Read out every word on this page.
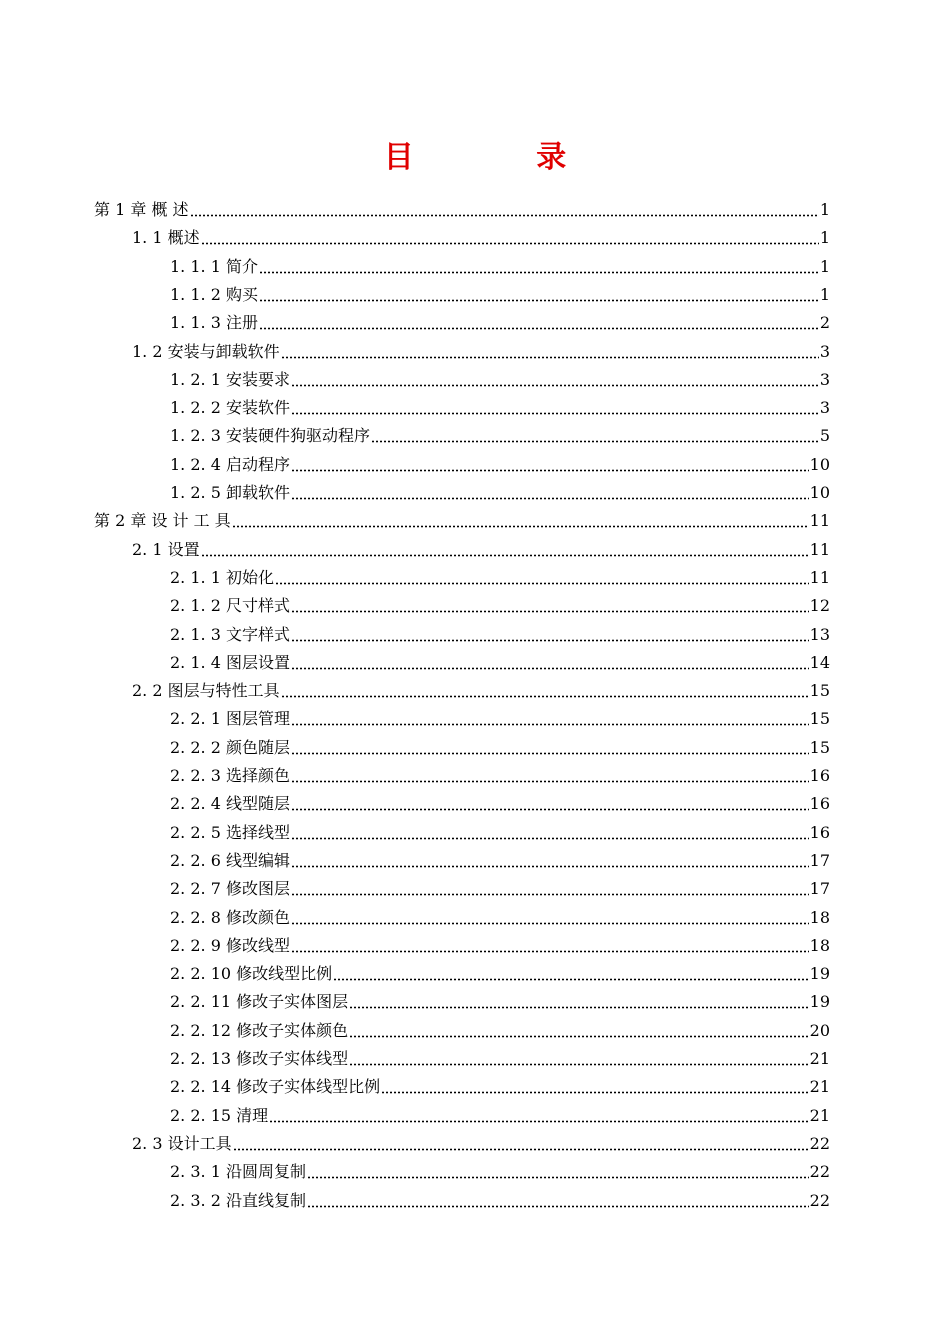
目 录
第 1 章 概 述	1
1. 1 概述	1
1. 1. 1 简介	1
1. 1. 2 购买	1
1. 1. 3 注册	2
1. 2 安装与卸载软件	3
1. 2. 1 安装要求	3
1. 2. 2 安装软件	3
1. 2. 3 安装硬件狗驱动程序	5
1. 2. 4 启动程序	10
1. 2. 5 卸载软件	10
第 2 章 设 计 工 具	11
2. 1 设置	11
2. 1. 1 初始化	11
2. 1. 2 尺寸样式	12
2. 1. 3 文字样式	13
2. 1. 4 图层设置	14
2. 2 图层与特性工具	15
2. 2. 1 图层管理	15
2. 2. 2 颜色随层	15
2. 2. 3 选择颜色	16
2. 2. 4 线型随层	16
2. 2. 5 选择线型	16
2. 2. 6 线型编辑	17
2. 2. 7 修改图层	17
2. 2. 8 修改颜色	18
2. 2. 9 修改线型	18
2. 2. 10 修改线型比例	19
2. 2. 11 修改子实体图层	19
2. 2. 12 修改子实体颜色	20
2. 2. 13 修改子实体线型	21
2. 2. 14 修改子实体线型比例	21
2. 2. 15 清理	21
2. 3 设计工具	22
2. 3. 1 沿圆周复制	22
2. 3. 2 沿直线复制	22
